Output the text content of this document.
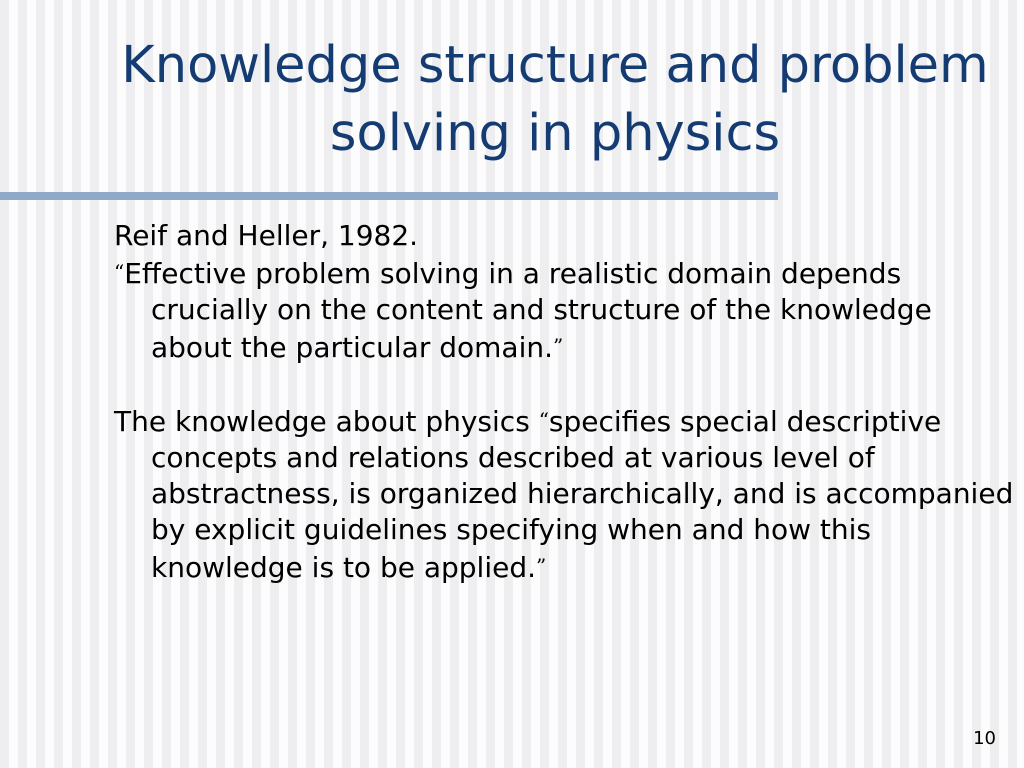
Knowledge structure and problem solving in physics

Reif and Heller, 1982.

“Effective problem solving in a realistic domain depends crucially on the content and structure of the knowledge about the particular domain.”

The knowledge about physics “specifies special descriptive concepts and relations described at various level of abstractness, is organized hierarchically, and is accompanied by explicit guidelines specifying when and how this knowledge is to be applied.”

10
